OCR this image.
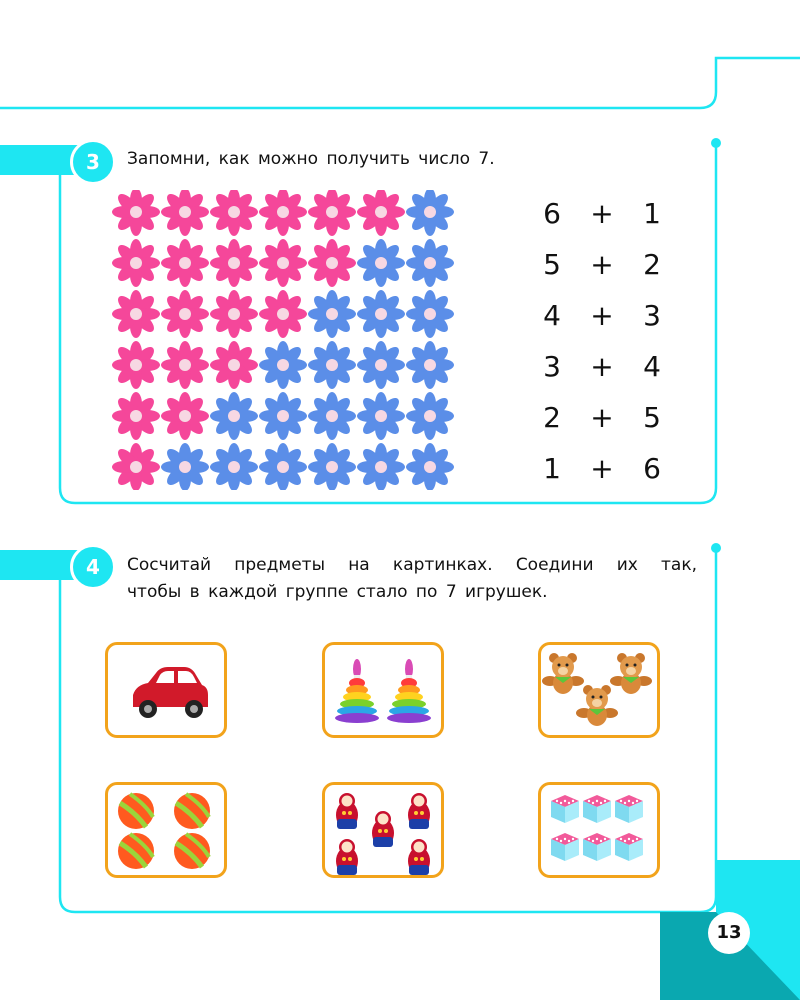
13
3	Запомни, как можно получить число 7.
6 + 1
5 + 2
4 + 3
3 + 4
2 + 5
1 + 6
4	Сосчитай предметы на картинках. Соедини их так,
чтобы в каждой группе стало по 7 игрушек.
